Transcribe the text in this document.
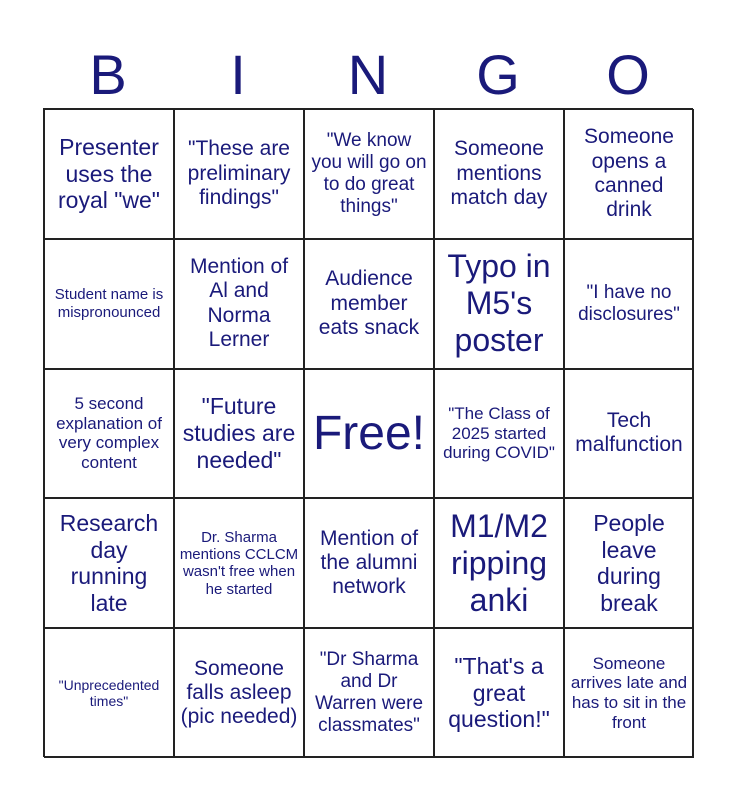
B	I	N	G	O
Presenter uses the royal "we"
"These are preliminary findings"
"We know you will go on to do great things"
Someone mentions match day
Someone opens a canned drink
Student name is mispronounced
Mention of Al and Norma Lerner
Audience member eats snack
Typo in M5's poster
"I have no disclosures"
5 second explanation of very complex content
"Future studies are needed"
Free!	"The Class of 2025 started during COVID"
Tech malfunction
Research day running late
Dr. Sharma mentions CCLCM wasn't free when he started
Mention of the alumni network
M1/M2 ripping anki
People leave during break
"Unprecedented times"
Someone falls asleep (pic needed)
"Dr Sharma and Dr Warren were classmates"
"That's a great question!"
Someone arrives late and has to sit in the front
